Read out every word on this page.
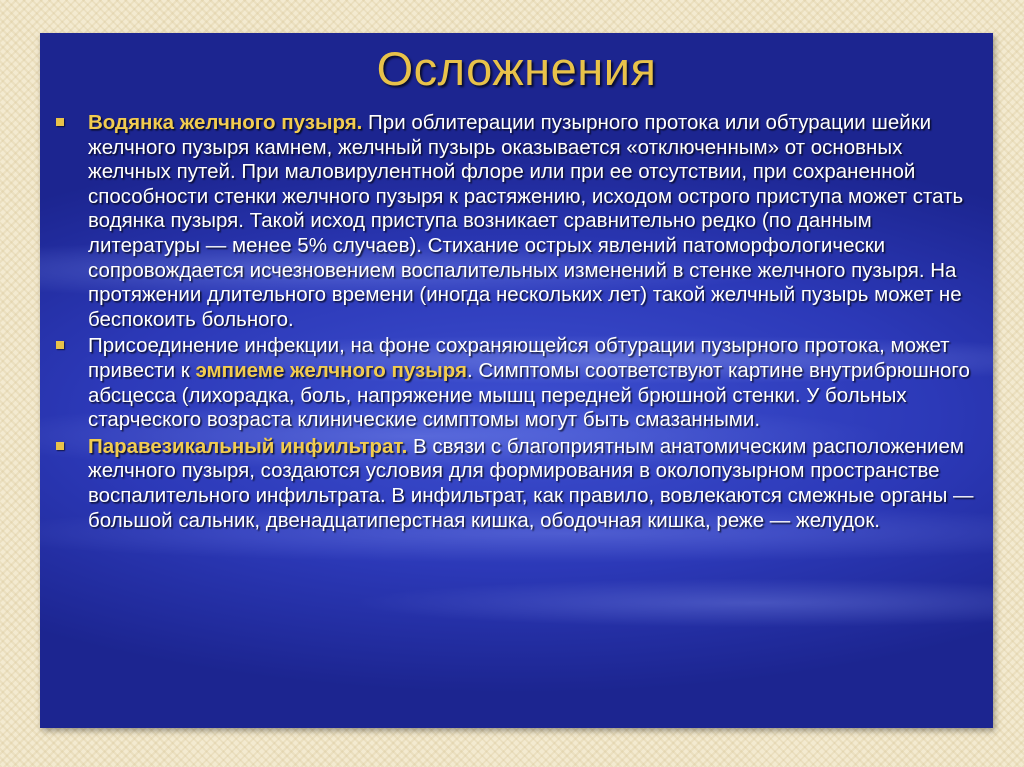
Осложнения
Водянка желчного пузыря. При облитерации пузырного протока или обтурации шейки желчного пузыря камнем, желчный пузырь оказывается «отключенным» от основных желчных путей. При маловирулентной флоре или при ее отсутствии, при сохраненной способности стенки желчного пузыря к растяжению, исходом острого приступа может стать водянка пузыря. Такой исход приступа возникает сравнительно редко (по данным литературы — менее 5% случаев). Стихание острых явлений патоморфологически сопровождается исчезновением воспалительных изменений в стенке желчного пузыря. На протяжении длительного времени (иногда нескольких лет) такой желчный пузырь может не беспокоить больного.
Присоединение инфекции, на фоне сохраняющейся обтурации пузырного протока, может привести к эмпиеме желчного пузыря. Симптомы соответствуют картине внутрибрюшного абсцесса (лихорадка, боль, напряжение мышц передней брюшной стенки. У больных старческого возраста клинические симптомы могут быть смазанными.
Паравезикальный инфильтрат. В связи с благоприятным анатомическим расположением желчного пузыря, создаются условия для формирования в околопузырном пространстве воспалительного инфильтрата. В инфильтрат, как правило, вовлекаются смежные органы — большой сальник, двенадцатиперстная кишка, ободочная кишка, реже — желудок.
